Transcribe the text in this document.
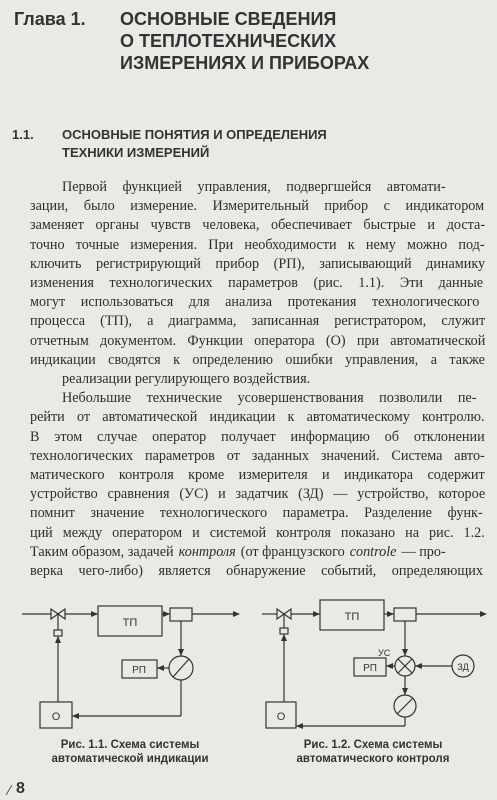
Глава 1.	ОСНОВНЫЕ СВЕДЕНИЯ
О ТЕПЛОТЕХНИЧЕСКИХ
ИЗМЕРЕНИЯХ И ПРИБОРАХ
1.1.	ОСНОВНЫЕ ПОНЯТИЯ И ОПРЕДЕЛЕНИЯ
ТЕХНИКИ ИЗМЕРЕНИЙ
Первой функцией управления, подвергшейся автомати-
зации, было измерение. Измерительный прибор с индикатором
заменяет органы чувств человека, обеспечивает быстрые и доста-
точно точные измерения. При необходимости к нему можно под-
ключить регистрирующий прибор (РП), записывающий динамику
изменения технологических параметров (рис. 1.1). Эти данные
могут использоваться для анализа протекания технологического
процесса (ТП), а диаграмма, записанная регистратором, служит
отчетным документом. Функции оператора (О) при автоматической
индикации сводятся к определению ошибки управления, а также
реализации регулирующего воздействия.
Небольшие технические усовершенствования позволили пе-
рейти от автоматической индикации к автоматическому контролю.
В этом случае оператор получает информацию об отклонении
технологических параметров от заданных значений. Система авто-
матического контроля кроме измерителя и индикатора содержит
устройство сравнения (УС) и задатчик (ЗД) — устройство, которое
помнит значение технологического параметра. Разделение функ-
ций между оператором и системой контроля показано на рис. 1.2.
Таким образом, задачей контроля (от французского controle — про-
верка чего-либо) является обнаружение событий, определяющих
ТП
РП
О
Рис. 1.1. Схема системы
автоматической индикации
ТП
РП
УС
ЗД
О
Рис. 1.2. Схема системы
автоматического контроля
8
